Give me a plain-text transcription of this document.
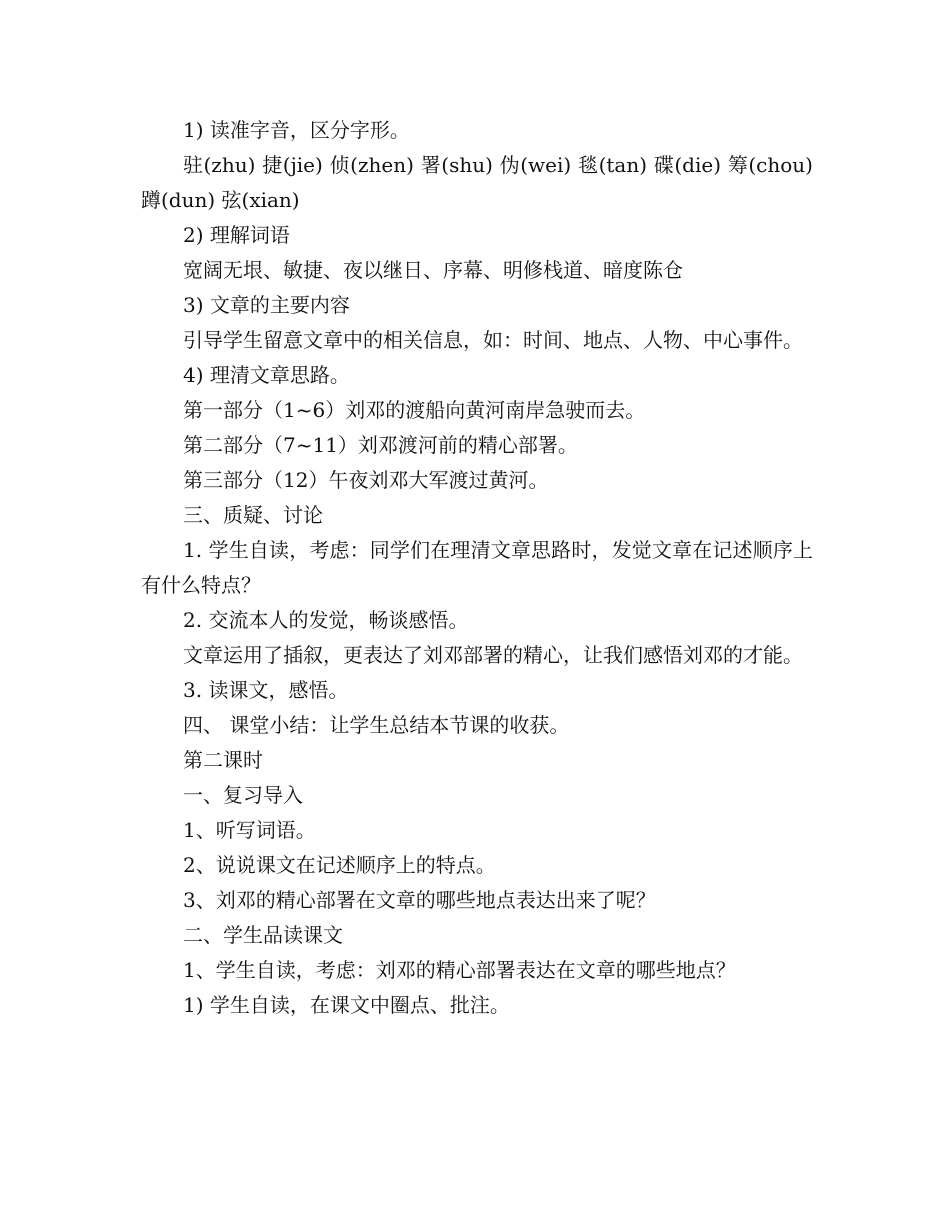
1) 读准字音，区分字形。

驻(zhu) 捷(jie) 侦(zhen) 署(shu) 伪(wei) 毯(tan) 碟(die) 筹(chou) 蹲(dun) 弦(xian)

2) 理解词语

宽阔无垠、敏捷、夜以继日、序幕、明修栈道、暗度陈仓

3) 文章的主要内容

引导学生留意文章中的相关信息，如：时间、地点、人物、中心事件。

4) 理清文章思路。

第一部分（1~6）刘邓的渡船向黄河南岸急驶而去。

第二部分（7~11）刘邓渡河前的精心部署。

第三部分（12）午夜刘邓大军渡过黄河。

三、质疑、讨论

1. 学生自读，考虑：同学们在理清文章思路时，发觉文章在记述顺序上有什么特点？

2. 交流本人的发觉，畅谈感悟。

文章运用了插叙，更表达了刘邓部署的精心，让我们感悟刘邓的才能。

3. 读课文，感悟。

四、 课堂小结：让学生总结本节课的收获。

第二课时

一、复习导入

1、听写词语。

2、说说课文在记述顺序上的特点。

3、刘邓的精心部署在文章的哪些地点表达出来了呢？

二、学生品读课文

1、学生自读，考虑：刘邓的精心部署表达在文章的哪些地点？

1) 学生自读，在课文中圈点、批注。
